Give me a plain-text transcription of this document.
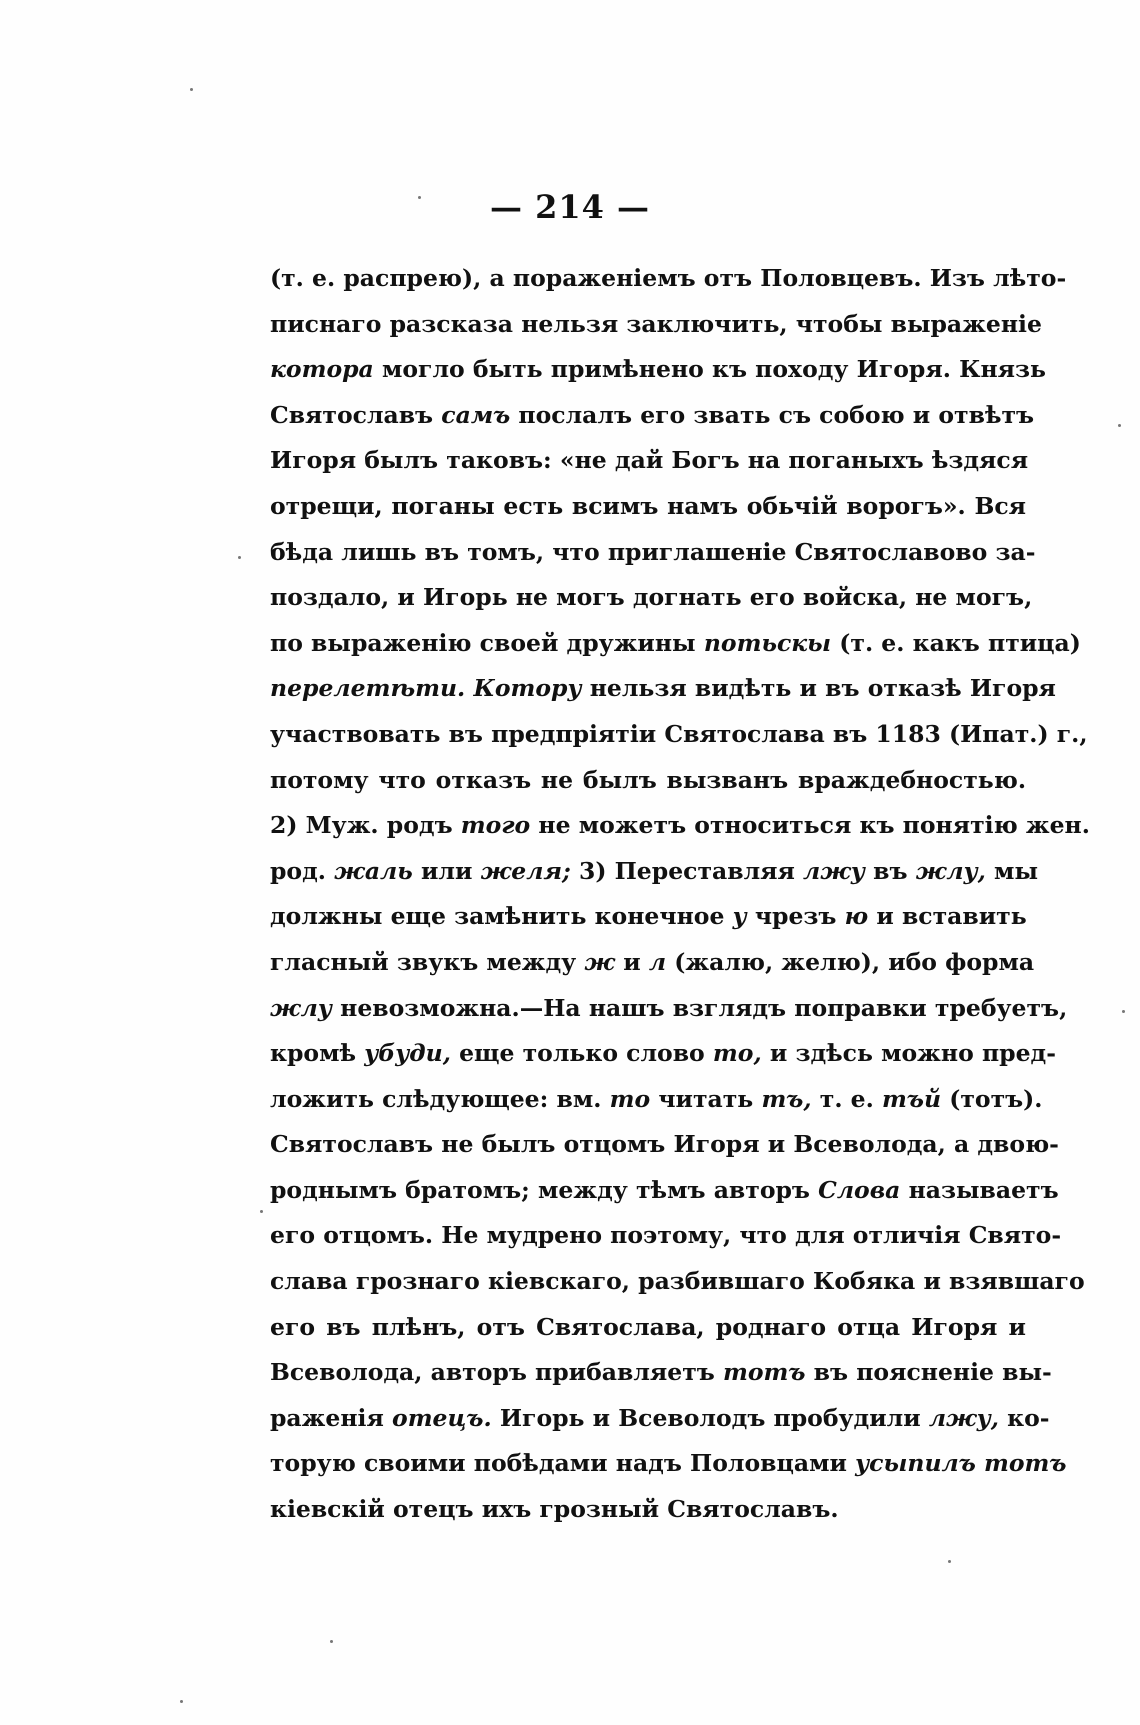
— 214 —
(т. е. распрею), а пораженіемъ отъ Половцевъ. Изъ лѣто-
писнаго разсказа нельзя заключить, чтобы выраженіе
котора могло быть примѣнено къ походу Игоря. Князь
Святославъ самъ послалъ его звать съ собою и отвѣтъ
Игоря былъ таковъ: «не дай Богъ на поганыхъ ѣздяся
отрещи, поганы есть всимъ намъ обьчій ворогъ». Вся
бѣда лишь въ томъ, что приглашеніе Святославово за-
поздало, и Игорь не могъ догнать его войска, не могъ,
по выраженію своей дружины потьскы (т. е. какъ птица)
перелетѣти. Котору нельзя видѣть и въ отказѣ Игоря
участвовать въ предпріятіи Святослава въ 1183 (Ипат.) г.,
потому что отказъ не былъ вызванъ враждебностью.
2) Муж. родъ того не можетъ относиться къ понятію жен.
род. жаль или желя; 3) Переставляя лжу въ жлу, мы
должны еще замѣнить конечное у чрезъ ю и вставить
гласный звукъ между ж и л (жалю, желю), ибо форма
жлу невозможна.—На нашъ взглядъ поправки требуетъ,
кромѣ убуди, еще только слово то, и здѣсь можно пред-
ложить слѣдующее: вм. то читать тъ, т. е. тъй (тотъ).
Святославъ не былъ отцомъ Игоря и Всеволода, а двою-
роднымъ братомъ; между тѣмъ авторъ Слова называетъ
его отцомъ. Не мудрено поэтому, что для отличія Свято-
слава грознаго кіевскаго, разбившаго Кобяка и взявшаго
его въ плѣнъ, отъ Святослава, роднаго отца Игоря и
Всеволода, авторъ прибавляетъ тотъ въ поясненіе вы-
раженія отецъ. Игорь и Всеволодъ пробудили лжу, ко-
торую своими побѣдами надъ Половцами усыпилъ тотъ
кіевскій отецъ ихъ грозный Святославъ.
